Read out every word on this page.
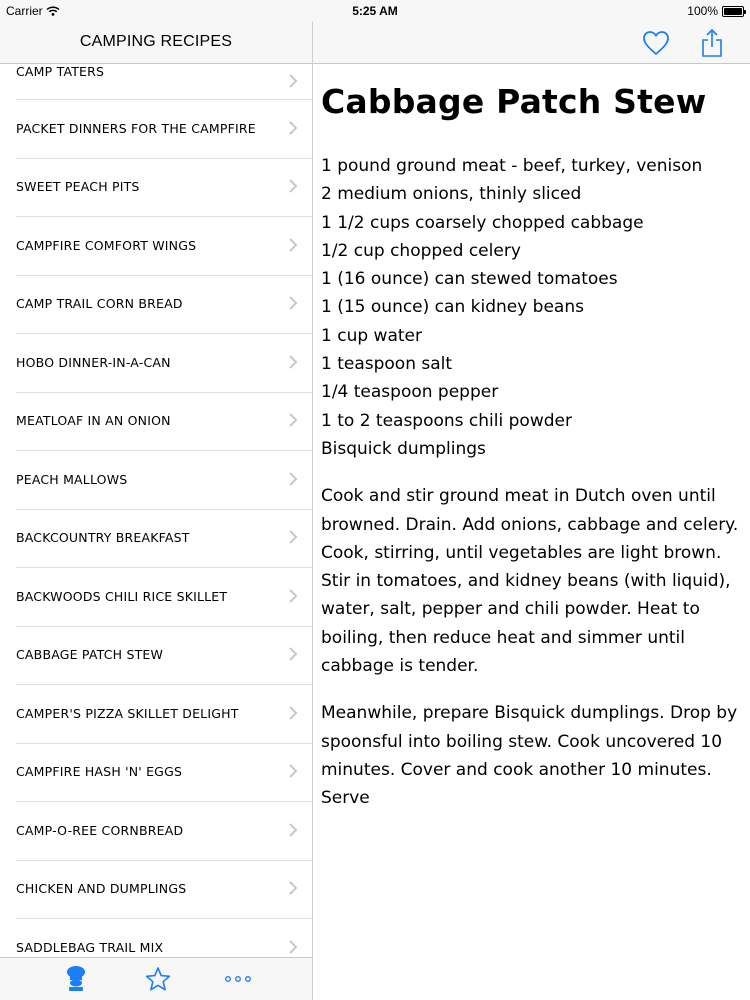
CAMPING RECIPES
CAMP TATERS
PACKET DINNERS FOR THE CAMPFIRE
SWEET PEACH PITS
CAMPFIRE COMFORT WINGS
CAMP TRAIL CORN BREAD
HOBO DINNER-IN-A-CAN
MEATLOAF IN AN ONION
PEACH MALLOWS
BACKCOUNTRY BREAKFAST
BACKWOODS CHILI RICE SKILLET
CABBAGE PATCH STEW
CAMPER'S PIZZA SKILLET DELIGHT
CAMPFIRE HASH 'N' EGGS
CAMP-O-REE CORNBREAD
CHICKEN AND DUMPLINGS
SADDLEBAG TRAIL MIX
Carrier	5:25 AM	100%
Cabbage Patch Stew
1 pound ground meat - beef, turkey, venison
2 medium onions, thinly sliced
1 1/2 cups coarsely chopped cabbage
1/2 cup chopped celery
1 (16 ounce) can stewed tomatoes
1 (15 ounce) can kidney beans
1 cup water
1 teaspoon salt
1/4 teaspoon pepper
1 to 2 teaspoons chili powder
Bisquick dumplings

Cook and stir ground meat in Dutch oven until browned. Drain. Add onions, cabbage and celery. Cook, stirring, until vegetables are light brown. Stir in tomatoes, and kidney beans (with liquid), water, salt, pepper and chili powder. Heat to boiling, then reduce heat and simmer until cabbage is tender.

Meanwhile, prepare Bisquick dumplings. Drop by spoonsful into boiling stew. Cook uncovered 10 minutes. Cover and cook another 10 minutes. Serve
